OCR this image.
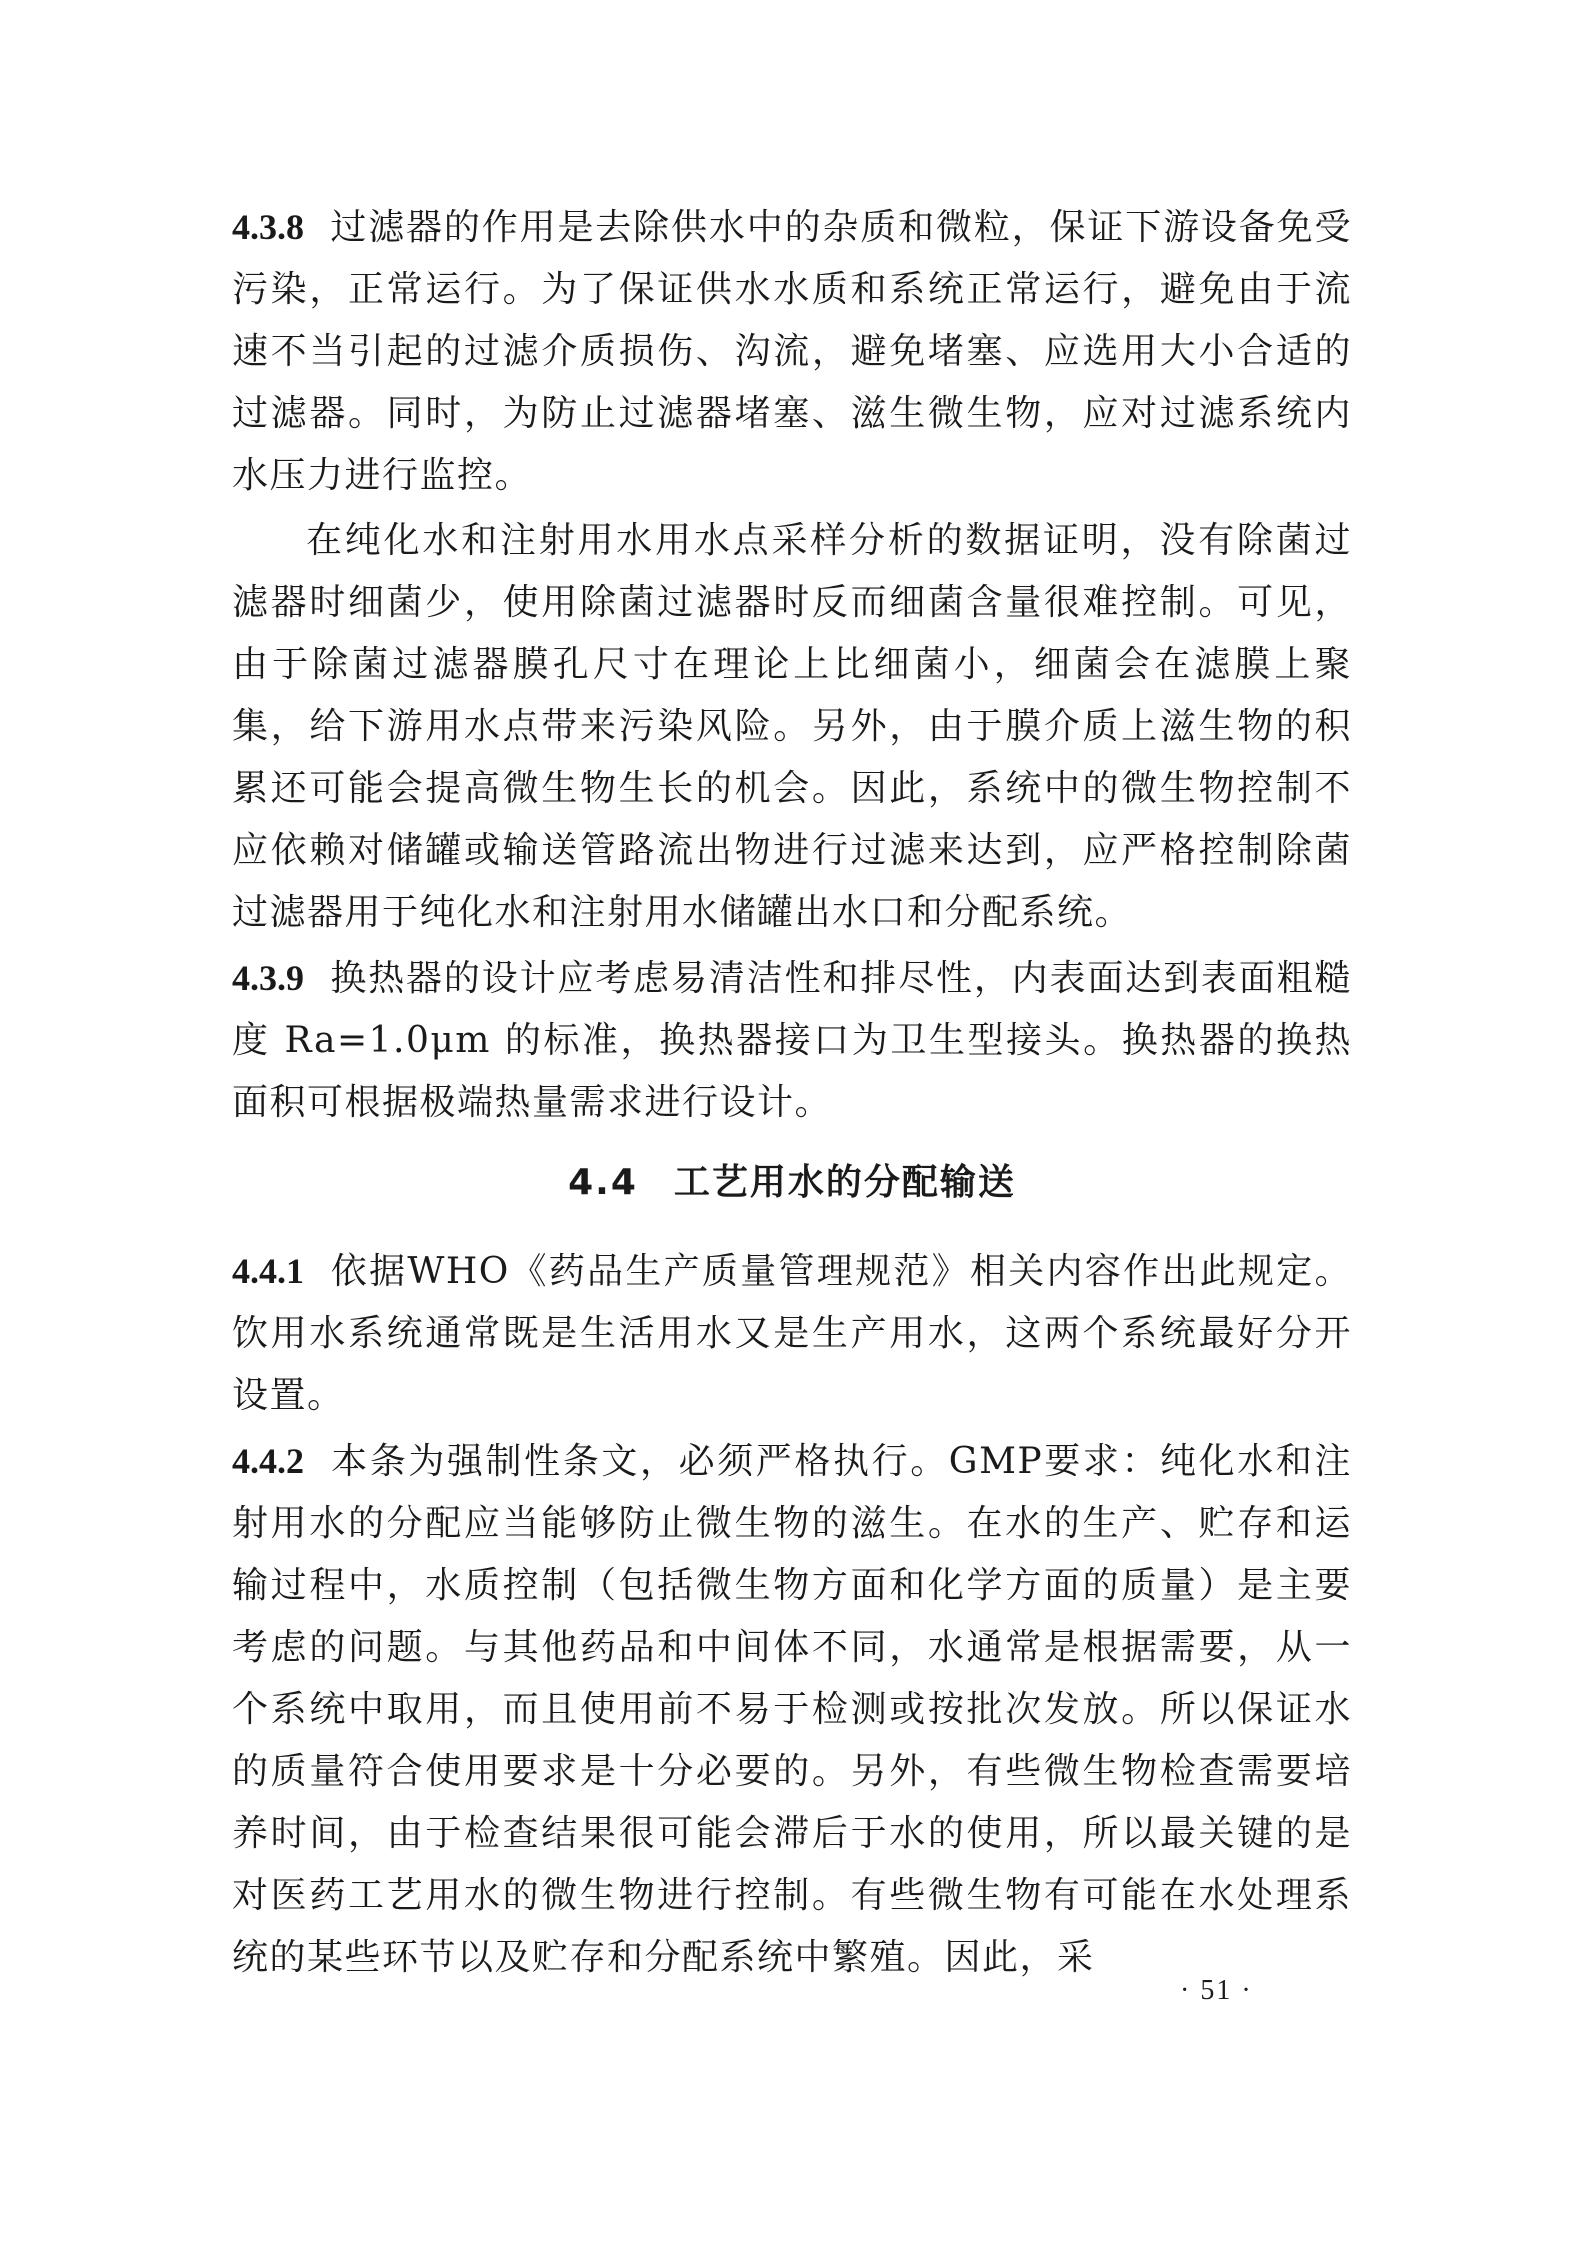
4.3.8 过滤器的作用是去除供水中的杂质和微粒，保证下游设备免受污染，正常运行。为了保证供水水质和系统正常运行，避免由于流速不当引起的过滤介质损伤、沟流，避免堵塞、应选用大小合适的过滤器。同时，为防止过滤器堵塞、滋生微生物，应对过滤系统内水压力进行监控。

在纯化水和注射用水用水点采样分析的数据证明，没有除菌过滤器时细菌少，使用除菌过滤器时反而细菌含量很难控制。可见，由于除菌过滤器膜孔尺寸在理论上比细菌小，细菌会在滤膜上聚集，给下游用水点带来污染风险。另外，由于膜介质上滋生物的积累还可能会提高微生物生长的机会。因此，系统中的微生物控制不应依赖对储罐或输送管路流出物进行过滤来达到，应严格控制除菌过滤器用于纯化水和注射用水储罐出水口和分配系统。

4.3.9 换热器的设计应考虑易清洁性和排尽性，内表面达到表面粗糙度 Ra=1.0μm 的标准，换热器接口为卫生型接头。换热器的换热面积可根据极端热量需求进行设计。

4.4 工艺用水的分配输送

4.4.1 依据WHO《药品生产质量管理规范》相关内容作出此规定。饮用水系统通常既是生活用水又是生产用水，这两个系统最好分开设置。

4.4.2 本条为强制性条文，必须严格执行。GMP要求：纯化水和注射用水的分配应当能够防止微生物的滋生。在水的生产、贮存和运输过程中，水质控制（包括微生物方面和化学方面的质量）是主要考虑的问题。与其他药品和中间体不同，水通常是根据需要，从一个系统中取用，而且使用前不易于检测或按批次发放。所以保证水的质量符合使用要求是十分必要的。另外，有些微生物检查需要培养时间，由于检查结果很可能会滞后于水的使用，所以最关键的是对医药工艺用水的微生物进行控制。有些微生物有可能在水处理系统的某些环节以及贮存和分配系统中繁殖。因此，采

· 51 ·
